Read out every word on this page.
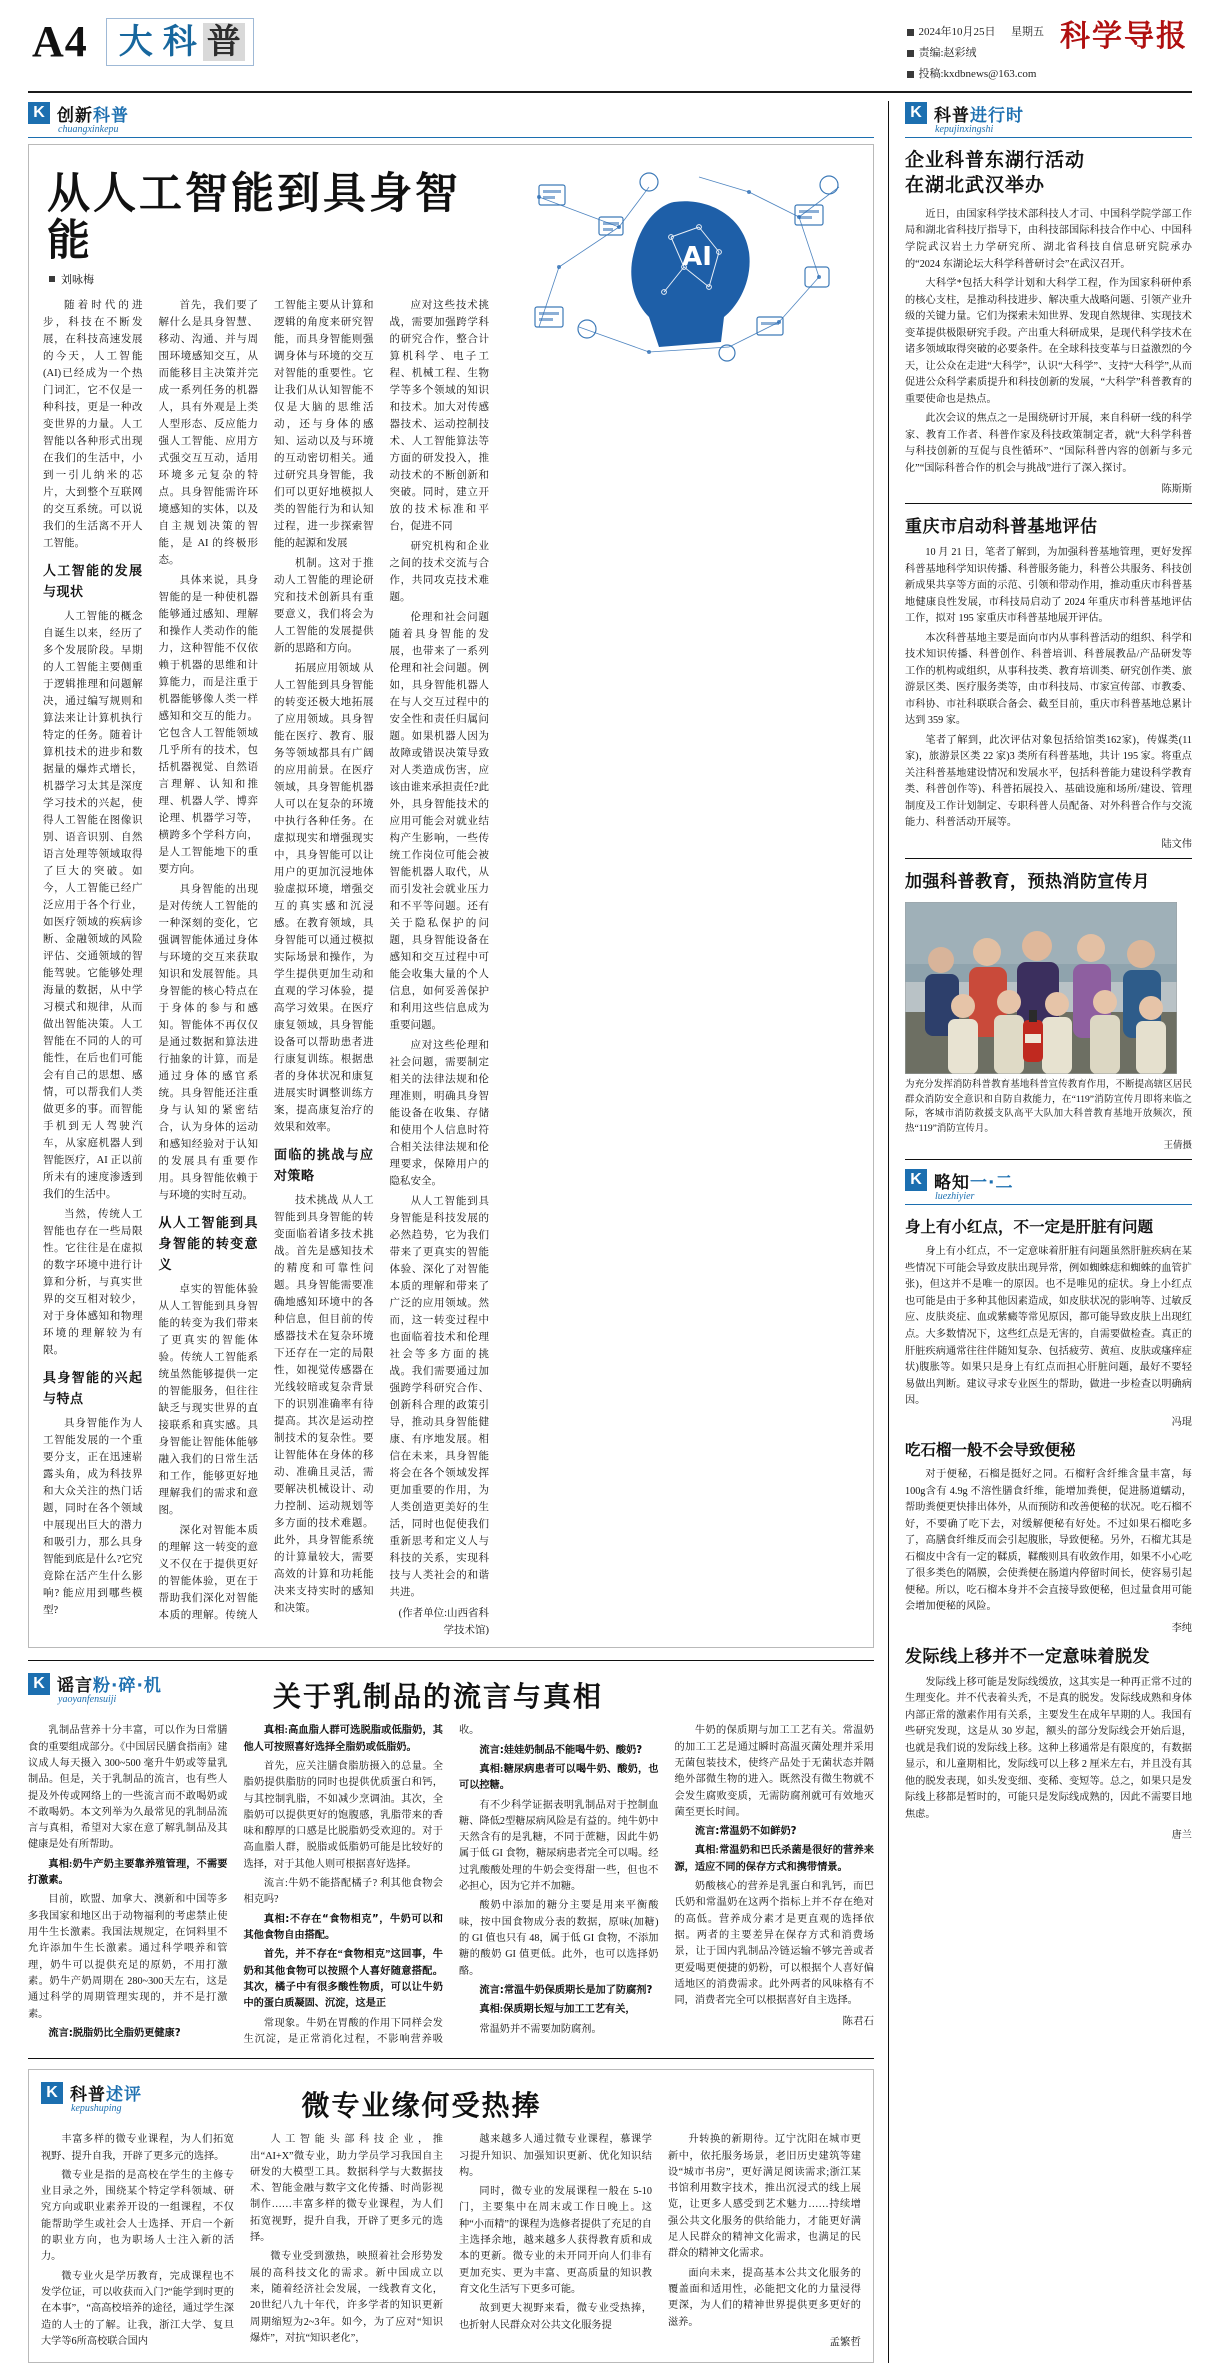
A4 大 科 普	2024年10月25日
星期五
责编:赵彩绒
投稿:kxdbnews@163.com
科学导报
K 创新科普
chuangxinkepu
AI
从人工智能到具身智能
刘咏梅

随着时代的进步，科技在不断发展，在科技高速发展的今天，人工智能(AI)已经成为一个热门词汇，它不仅是一种科技，更是一种改变世界的力量。人工智能以各种形式出现在我们的生活中，小到一引儿纳米的芯片，大到整个互联网的交互系统。可以说我们的生活离不开人工智能。

人工智能的发展与现状

人工智能的概念自诞生以来，经历了多个发展阶段。早期的人工智能主要侧重于逻辑推理和问题解决，通过编写规则和算法来让计算机执行特定的任务。随着计算机技术的进步和数据量的爆炸式增长，机器学习太其是深度学习技术的兴起，使得人工智能在图像识别、语音识别、自然语言处理等领域取得了巨大的突破。如今，人工智能已经广泛应用于各个行业，如医疗领域的疾病诊断、金融领域的风险评估、交通领域的智能驾驶。它能够处理海量的数据，从中学习模式和规律，从而做出智能决策。人工智能在不同的人的可能性，在后也们可能会有自己的思想、感情，可以帮我们人类做更多的事。而智能手机到无人驾驶汽车，从家庭机器人到智能医疗，AI 正以前所未有的速度渗透到我们的生活中。

当然，传统人工智能也存在一些局限性。它往往是在虚拟的数字环境中进行计算和分析，与真实世界的交互相对较少，对于身体感知和物理环境的理解较为有限。

具身智能的兴起与特点

具身智能作为人工智能发展的一个重要分支，正在迅速崭露头角，成为科技界和大众关注的热门话题，同时在各个领域中展现出巨大的潜力和吸引力，那么具身智能到底是什么?它究竟除在活产生什么影响? 能应用到哪些模型?

首先，我们要了解什么是具身智慧、移动、沟通、并与周围环境感知交互，从而能移目主决策并完成一系列任务的机器人，具有外观是上类人型形态、反应能力强人工智能、应用方式强交互互动，适用环境多元复杂的特点。具身智能需许环境感知的实体，以及自主规划决策的智能，是 AI 的终极形态。

具体来说，具身智能的是一种使机器能够通过感知、理解和操作人类动作的能力，这种智能不仅依赖于机器的思维和计算能力，而是注重于机器能够像人类一样感知和交互的能力。它包含人工智能领域几乎所有的技术，包括机器视觉、自然语言理解、认知和推理、机器人学、博弈论理、机器学习等，横跨多个学科方向，是人工智能地下的重要方向。

具身智能的出现是对传统人工智能的一种深刻的变化，它强调智能体通过身体与环境的交互来获取知识和发展智能。具身智能的核心特点在于身体的参与和感知。智能体不再仅仅是通过数据和算法进行抽象的计算，而是通过身体的感官系统。具身智能还注重身与认知的紧密结合，认为身体的运动和感知经验对于认知的发展具有重要作用。具身智能依赖于与环境的实时互动。

从人工智能到具身智能的转变意义

卓实的智能体验 从人工智能到具身智能的转变为我们带来了更真实的智能体验。传统人工智能系统虽然能够提供一定的智能服务，但往往缺乏与现实世界的直接联系和真实感。具身智能让智能体能够融入我们的日常生活和工作，能够更好地理解我们的需求和意图。

深化对智能本质的理解 这一转变的意义不仅在于提供更好的智能体验，更在于帮助我们深化对智能本质的理解。传统人工智能主要从计算和逻辑的角度来研究智能，而具身智能则强调身体与环境的交互对智能的重要性。它让我们从认知智能不仅是大脑的思维活动，还与身体的感知、运动以及与环境的互动密切相关。通过研究具身智能，我们可以更好地模拟人类的智能行为和认知过程，进一步探索智能的起源和发展

机制。这对于推动人工智能的理论研究和技术创新具有重要意义，我们将会为人工智能的发展提供新的思路和方向。

拓展应用领域 从人工智能到具身智能的转变还极大地拓展了应用领域。具身智能在医疗、教育、服务等领域都具有广阔的应用前景。在医疗领域，具身智能机器人可以在复杂的环境中执行各种任务。在虚拟现实和增强现实中，具身智能可以让用户的更加沉浸地体验虚拟环境，增强交互的真实感和沉浸感。在教育领域，具身智能可以通过模拟实际场景和操作，为学生提供更加生动和直观的学习体验，提高学习效果。在医疗康复领域，具身智能设备可以帮助患者进行康复训练。根据患者的身体状况和康复进展实时调整训练方案，提高康复治疗的效果和效率。

面临的挑战与应对策略

技术挑战 从人工智能到具身智能的转变面临着诸多技术挑战。首先是感知技术的精度和可靠性问题。具身智能需要准确地感知环境中的各种信息，但目前的传感器技术在复杂环境下还存在一定的局限性，如视觉传感器在光线较暗或复杂背景下的识别准确率有待提高。其次是运动控制技术的复杂性。要让智能体在身体的移动、准确且灵活，需要解决机械设计、动力控制、运动规划等多方面的技术难题。此外，具身智能系统的计算量较大，需要高效的计算和功耗能决来支持实时的感知和决策。

应对这些技术挑战，需要加强跨学科的研究合作，整合计算机科学、电子工程、机械工程、生物学等多个领域的知识和技术。加大对传感器技术、运动控制技术、人工智能算法等方面的研发投入，推动技术的不断创新和突破。同时，建立开放的技术标准和平台，促进不同

研究机构和企业之间的技术交流与合作，共同攻克技术难题。

伦理和社会问题 随着具身智能的发展，也带来了一系列伦理和社会问题。例如，具身智能机器人在与人交互过程中的安全性和责任归属问题。如果机器人因为故障或错误决策导致对人类造成伤害，应该由谁来承担责任?此外，具身智能技术的应用可能会对就业结构产生影响，一些传统工作岗位可能会被智能机器人取代，从而引发社会就业压力和不平等问题。还有关于隐私保护的问题，具身智能设备在感知和交互过程中可能会收集大量的个人信息，如何妥善保护和利用这些信息成为重要问题。

应对这些伦理和社会问题，需要制定相关的法律法规和伦理准则，明确具身智能设备在收集、存储和使用个人信息时符合相关法律法规和伦理要求，保障用户的隐私安全。

从人工智能到具身智能是科技发展的必然趋势，它为我们带来了更真实的智能体验、深化了对智能本质的理解和带来了广泛的应用领域。然而，这一转变过程中也面临着技术和伦理社会等多方面的挑战。我们需要通过加强跨学科研究合作、创新科合理的政策引导，推动具身智能健康、有序地发展。相信在未来，具身智能将会在各个领域发挥更加重要的作用，为人类创造更美好的生活，同时也促使我们重新思考和定义人与科技的关系，实现科技与人类社会的和谐共进。

(作者单位:山西省科学技术馆)
K 谣言粉·碎·机
yaoyanfensuiji	关于乳制品的流言与真相

乳制品营养十分丰富，可以作为日常膳食的重要组成部分。《中国居民膳食指南》建议成人每天摄入 300~500 毫升牛奶或等量乳制品。但是，关于乳制品的流言，也有些人提及外传或网络上的一些流言而不敢喝奶或不敢喝奶。本文列举为久最常见的乳制品流言与真相，希望对大家在意了解乳制品及其健康是处有所帮助。

真相:奶牛产奶主要靠养殖管理，不需要打激素。

目前，欧盟、加拿大、澳新和中国等多多我国家和地区出于动物福利的考虑禁止使用牛生长激素。我国法规规定，在饲料里不允许添加牛生长激素。通过科学喂养和管理，奶牛可以提供充足的原奶，不用打激素。奶牛产奶周期在 280~300天左右，这是通过科学的周期管理实现的，并不是打激素。

流言:脱脂奶比全脂奶更健康?

真相:高血脂人群可选脱脂或低脂奶，其他人可按照喜好选择全脂奶或低脂奶。

首先，应关注膳食脂肪摄入的总量。全脂奶提供脂肪的同时也提供优质蛋白和钙，与其控制乳脂，不如减少烹调油。其次，全脂奶可以提供更好的饱腹感，乳脂带来的香味和醇厚的口感是比脱脂奶受欢迎的。对于高血脂人群，脱脂或低脂奶可能是比较好的选择，对于其他人则可根据喜好选择。

流言:牛奶不能搭配橘子? 利其他食物会相克吗?

真相:不存在“食物相克”，牛奶可以和其他食物自由搭配。

首先，并不存在“食物相克”这回事，牛奶和其他食物可以按照个人喜好随意搭配。其次，橘子中有很多酸性物质，可以让牛奶中的蛋白质凝固、沉淀，这是正

常现象。牛奶在胃酸的作用下同样会发生沉淀，是正常消化过程，不影响营养吸收。

流言:娃娃奶制品不能喝牛奶、酸奶?

真相:糖尿病患者可以喝牛奶、酸奶，也可以控糖。

有不少科学证据表明乳制品对于控制血糖、降低2型糖尿病风险是有益的。纯牛奶中天然含有的是乳糖，不同于蔗糖，因此牛奶属于低 GI 食物，糖尿病患者完全可以喝。经过乳酸酸处理的牛奶会变得甜一些，但也不必担心，因为它并不加糖。

酸奶中添加的糖分主要是用来平衡酸味，按中国食物成分表的数据，原味(加糖)的 GI 值也只有 48，属于低 GI 食物，不添加糖的酸奶 GI 值更低。此外，也可以选择奶酪。

流言:常温牛奶保质期长是加了防腐剂?

真相:保质期长短与加工工艺有关，

常温奶并不需要加防腐剂。

牛奶的保质期与加工工艺有关。常温奶的加工工艺是通过瞬时高温灭菌处理并采用无菌包装技术，使终产品处于无菌状态并隔绝外部微生物的进入。既然没有微生物就不会发生腐败变质，无需防腐剂就可有效地灭菌至更长时间。

流言:常温奶不如鲜奶?

真相:常温奶和巴氏杀菌是很好的营养来源，适应不同的保存方式和携带情景。

奶酸核心的营养是乳蛋白和乳钙，而巴氏奶和常温奶在这两个指标上并不存在绝对的高低。营养成分素才是更直观的选择依据。两者的主要差异在保存方式和消费场景，让于国内乳制品冷链运输不够完善或者更爱喝更便捷的奶粉，可以根据个人喜好偏适地区的消费需求。此外两者的风味格有不同，消费者完全可以根据喜好自主选择。

陈君石
K 科普述评
kepushuping	微专业缘何受热捧

丰富多样的微专业课程，为人们拓宽视野、提升自我，开辟了更多元的选择。

微专业是指的是高校在学生的主修专业目录之外，围绕某个特定学科领域、研究方向或职业素养开设的一组课程，不仅能帮助学生或社会人士选择、开启一个新的职业方向，也为职场人士注入新的活力。

微专业火是学历教育，完成课程也不发学位证，可以收获而入门?“能学到时更的在本事”，“高高校培养的途径，通过学生深造的人士的了解。让我，浙江大学、复旦大学等6所高校联合国内

人工智能头部科技企业，推出“AI+X”微专业，助力学员学习我国自主研发的大模型工具。数据科学与大数据技术、智能金融与数字文化传播、时尚影视制作……丰富多样的微专业课程，为人们拓宽视野，提升自我，开辟了更多元的选择。

微专业受到激热，映照着社会形势发展的高科技文化的需求。新中国成立以来，随着经济社会发展，一线教育文化，20世纪八九十年代，许多学者的知识更新周期缩短为2~3年。如今，为了应对“知识爆炸”，对抗“知识老化”，

越来越多人通过微专业课程，慕课学习提升知识、加强知识更新、优化知识结构。

同时，微专业的发展课程一般在 5-10门，主要集中在周末或工作日晚上。这种“小而精”的课程为选修者提供了充足的自主选择余地，越来越多人获得教育质和成本的更新。微专业的未开同开向人们非有更加充实、更为丰富、更高质量的知识教育文化生活写下更多可能。

故到更大视野来看，微专业受热捧，也折射人民群众对公共文化服务提

升转换的新期待。辽宁沈阳在城市更新中，依托服务场景，老旧历史建筑等建设“城市书房”，更好满足阅读需求;浙江某书馆利用数字技术，推出沉浸式的线上展览，让更多人感受到艺术魅力……持续增强公共文化服务的供给能力，才能更好满足人民群众的精神文化需求，也满足的民群众的精神文化需求。

面向未来，提高基本公共文化服务的覆盖面和适用性，必能把文化的力量浸得更深，为人们的精神世界提供更多更好的滋养。

孟繁哲
K 科普进行时
kepujinxingshi
企业科普东湖行活动
在湖北武汉举办

近日，由国家科学技术部科技人才司、中国科学院学部工作局和湖北省科技厅指导下，由科技部国际科技合作中心、中国科学院武汉岩土力学研究所、湖北省科技自信息研究院承办的“2024 东湖论坛大科学科普研讨会”在武汉召开。

大科学*包括大科学计划和大科学工程，作为国家科研仲系的核心支柱，是推动科技进步、解决重大战略问题、引领产业升级的关键力量。它们为探索未知世界、发现自然规律、实现技术变革提供极限研究手段。产出重大科研成果，是现代科学技术在诸多领域取得突破的必要条件。在全球科技变革与日益激烈的今天，让公众在走进“大科学”，认识“大科学”、支持“大科学”,从而促进公众科学素质提升和科技创新的发展，“大科学”科普教育的重要使命也是热点。

此次会议的焦点之一是围绕研讨开展，来自科研一线的科学家、教育工作者、科普作家及科技政策制定者，就“大科学科普与科技创新的互促与良性循环”、“国际科普内容的创新与多元化”“国际科普合作的机会与挑战”进行了深入探讨。

陈斯斯
重庆市启动科普基地评估

10 月 21 日，笔者了解到，为加强科普基地管理，更好发挥科普基地科学知识传播、科普服务能力，科普公共服务、科技创新成果共享等方面的示范、引领和带动作用，推动重庆市科普基地健康良性发展，市科技局启动了 2024 年重庆市科普基地评估工作，拟对 195 家重庆市科普基地展开评估。

本次科普基地主要是面向市内从事科普活动的组织、科学和技术知识传播、科普创作、科普培训、科普展教品/产品研发等工作的机构或组织，从事科技类、教育培训类、研究创作类、旅游景区类、医疗服务类等，由市科技局、市家宣传部、市教委、市科协、市社科联联合备会、截至目前，重庆市科普基地总累计达到 359 家。

笔者了解到，此次评估对象包括给馆类162家)，传媒类(11家)，旅游景区类 22 家)3 类所有科普基地，共计 195 家。将重点关注科普基地建设情况和发展水平，包括科普能力建设科学教育类、科普创作等)、科普拓展投入、基础设施和场所/建设、管理制度及工作计划制定、专职科普人员配备、对外科普合作与交流能力、科普活动开展等。

陆文伟
加强科普教育，预热消防宣传月
为充分发挥消防科普教育基地科普宣传教育作用，不断提高辖区居民群众消防安全意识和自防自救能力，在“119”消防宣传月即将来临之际，客城市消防救援支队高平大队加大科普教育基地开放频次，预热“119”消防宣传月。
王倩摄
K 略知一·二
luezhiyier
身上有小红点，不一定是肝脏有问题

身上有小红点，不一定意味着肝脏有问题虽然肝脏疾病在某些情况下可能会导致皮肤出现异常，例如蜘蛛痣和蜘蛛的血管扩张)，但这并不是唯一的原因。也不是唯见的症状。身上小红点也可能是由于多种其他因素造成，如皮肤状况的影响等、过敏反应、皮肤炎症、血或紫癜等常见原因，都可能导致皮肤上出现红点。大多数情况下，这些红点是无害的，自需要做检查。真正的肝脏疾病通常往往伴随知复杂、包括疲劳、黄疸、皮肤或瘙痒症状)腹胀等。如果只是身上有红点而担心肝脏问题，最好不要轻易做出判断。建议寻求专业医生的帮助，做进一步检查以明确病因。

冯琨
吃石榴一般不会导致便秘

对于便秘，石榴是挺好之同。石榴籽含纤维含量丰富，每 100g含有 4.9g 不溶性膳食纤维，能增加粪便，促进肠道蠕动，帮助粪便更快排出体外，从而预防和改善便秘的状况。吃石榴不好，不要确了吃下去，对缓解便秘有好处。不过如果石榴吃多了，高膳食纤维反而会引起腹胀，导致便秘。另外，石榴尤其是石榴皮中含有一定的鞣质，鞣酸则具有收敛作用，如果不小心吃了很多类色的隔膜，会使粪便在肠道内停留时间长，使容易引起便秘。所以，吃石榴本身并不会直接导致便秘，但过量食用可能会增加便秘的风险。

李纯
发际线上移并不一定意味着脱发

发际线上移可能是发际线缓放，这其实是一种再正常不过的生理变化。并不代表着头秃，不是真的脱发。发际线成熟和身体内部正常的激素作用有关系，主要发生在成年早期的人。我国有些研究发现，这是从 30 岁起，额头的部分发际线会开始后退，也就是我们说的发际线上移。这种上移通常是有限度的，有数据显示，和儿童期相比，发际线可以上移 2 厘米左右，并且没有其他的脱发表现，如头发变细、变稀、变短等。总之，如果只是发际线上移都是暂时的，可能只是发际线成熟的，因此不需要目地焦虑。

唐兰
